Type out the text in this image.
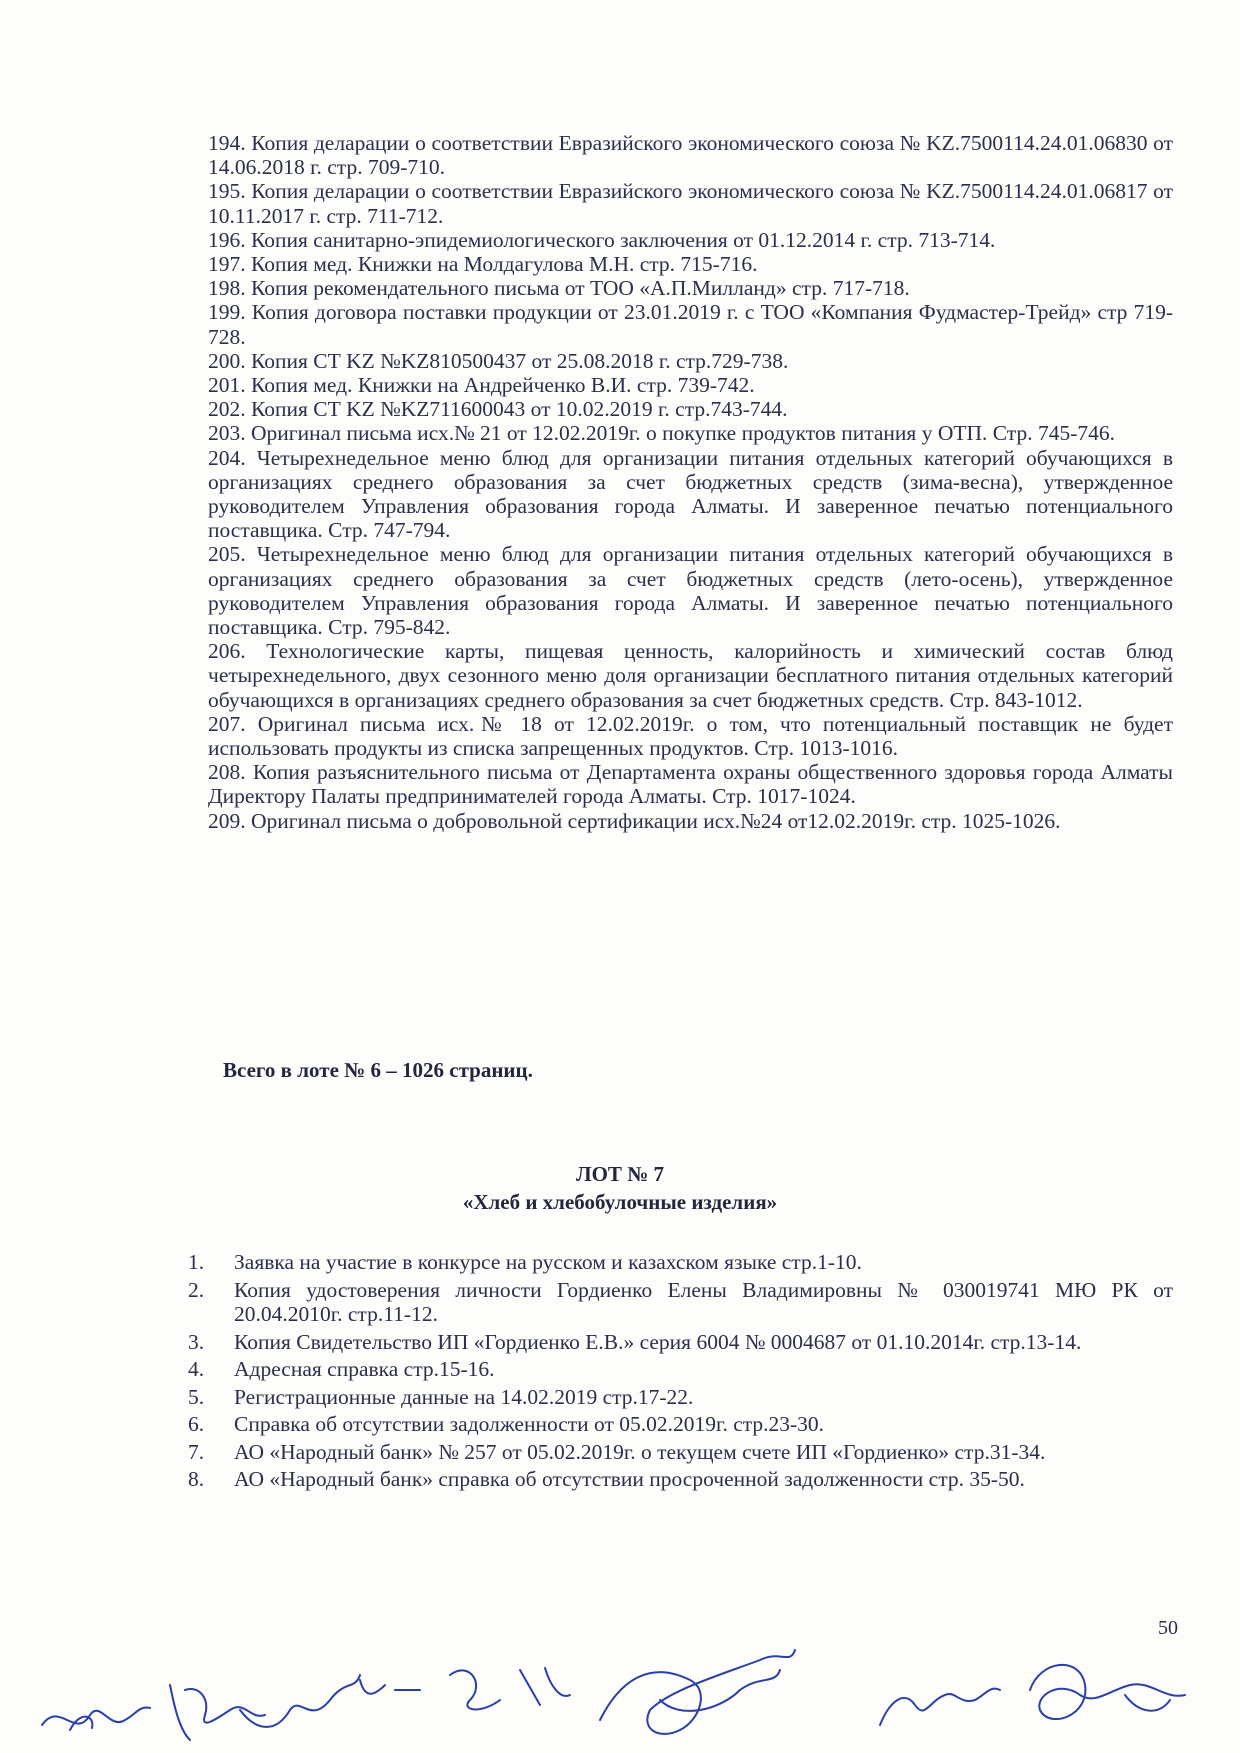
194. Копия деларации о соответствии Евразийского экономического союза № KZ.7500114.24.01.06830 от 14.06.2018 г. стр. 709-710.

195. Копия деларации о соответствии Евразийского экономического союза № KZ.7500114.24.01.06817 от 10.11.2017 г. стр. 711-712.

196. Копия санитарно-эпидемиологического заключения от 01.12.2014 г. стр. 713-714.

197. Копия мед. Книжки на Молдагулова М.Н. стр. 715-716.

198. Копия рекомендательного письма от ТОО «А.П.Милланд» стр. 717-718.

199. Копия договора поставки продукции от 23.01.2019 г. с ТОО «Компания Фудмастер-Трейд» стр 719-728.

200. Копия СТ KZ №KZ810500437 от 25.08.2018 г. стр.729-738.

201. Копия мед. Книжки на Андрейченко В.И. стр. 739-742.

202. Копия СТ KZ №KZ711600043 от 10.02.2019 г. стр.743-744.

203. Оригинал письма исх.№ 21 от 12.02.2019г. о покупке продуктов питания у ОТП. Стр. 745-746.

204. Четырехнедельное меню блюд для организации питания отдельных категорий обучающихся в организациях среднего образования за счет бюджетных средств (зима-весна), утвержденное руководителем Управления образования города Алматы. И заверенное печатью потенциального поставщика. Стр. 747-794.

205. Четырехнедельное меню блюд для организации питания отдельных категорий обучающихся в организациях среднего образования за счет бюджетных средств (лето-осень), утвержденное руководителем Управления образования города Алматы. И заверенное печатью потенциального поставщика. Стр. 795-842.

206. Технологические карты, пищевая ценность, калорийность и химический состав блюд четырехнедельного, двух сезонного меню доля организации бесплатного питания отдельных категорий обучающихся в организациях среднего образования за счет бюджетных средств. Стр. 843-1012.

207. Оригинал письма исх.№ 18 от 12.02.2019г. о том, что потенциальный поставщик не будет использовать продукты из списка запрещенных продуктов. Стр. 1013-1016.

208. Копия разъяснительного письма от Департамента охраны общественного здоровья города Алматы Директору Палаты предпринимателей города Алматы. Стр. 1017-1024.

209. Оригинал письма о добровольной сертификации исх.№24 от12.02.2019г. стр. 1025-1026.

Всего в лоте № 6 – 1026 страниц.
ЛОТ № 7
«Хлеб и хлебобулочные изделия»
1.	Заявка на участие в конкурсе на русском и казахском языке стр.1-10.
2.	Копия удостоверения личности Гордиенко Елены Владимировны № 030019741 МЮ РК от 20.04.2010г. стр.11-12.
3.	Копия Свидетельство ИП «Гордиенко Е.В.» серия 6004 № 0004687 от 01.10.2014г. стр.13-14.
4.	Адресная справка стр.15-16.
5.	Регистрационные данные на 14.02.2019 стр.17-22.
6.	Справка об отсутствии задолженности от 05.02.2019г. стр.23-30.
7.	АО «Народный банк» № 257 от 05.02.2019г. о текущем счете ИП «Гордиенко» стр.31-34.
8.	АО «Народный банк» справка об отсутствии просроченной задолженности стр. 35-50.
50
